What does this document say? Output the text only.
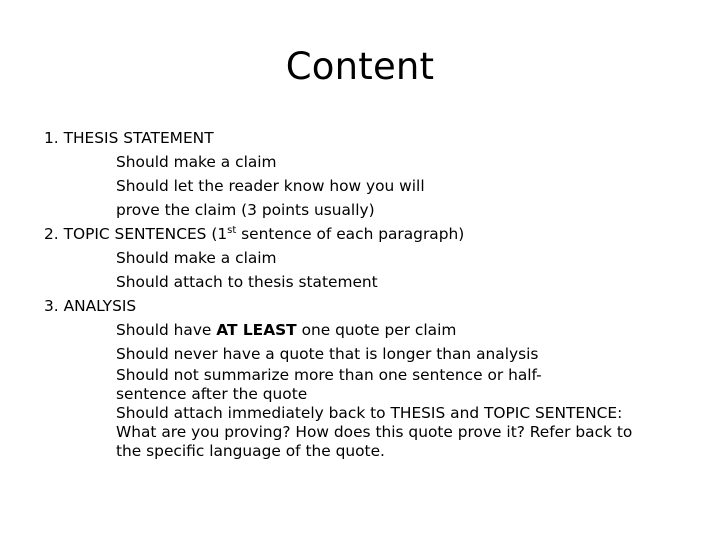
Content
1. THESIS STATEMENT
Should make a claim
Should let the reader know how you will
prove the claim (3 points usually)
2. TOPIC SENTENCES (1st sentence of each paragraph)
Should make a claim
Should attach to thesis statement
3. ANALYSIS
Should have AT LEAST one quote per claim
Should never have a quote that is longer than analysis
Should not summarize more than one sentence or half-
sentence after the quote
Should attach immediately back to THESIS and TOPIC SENTENCE:
What are you proving? How does this quote prove it? Refer back to
the specific language of the quote.
